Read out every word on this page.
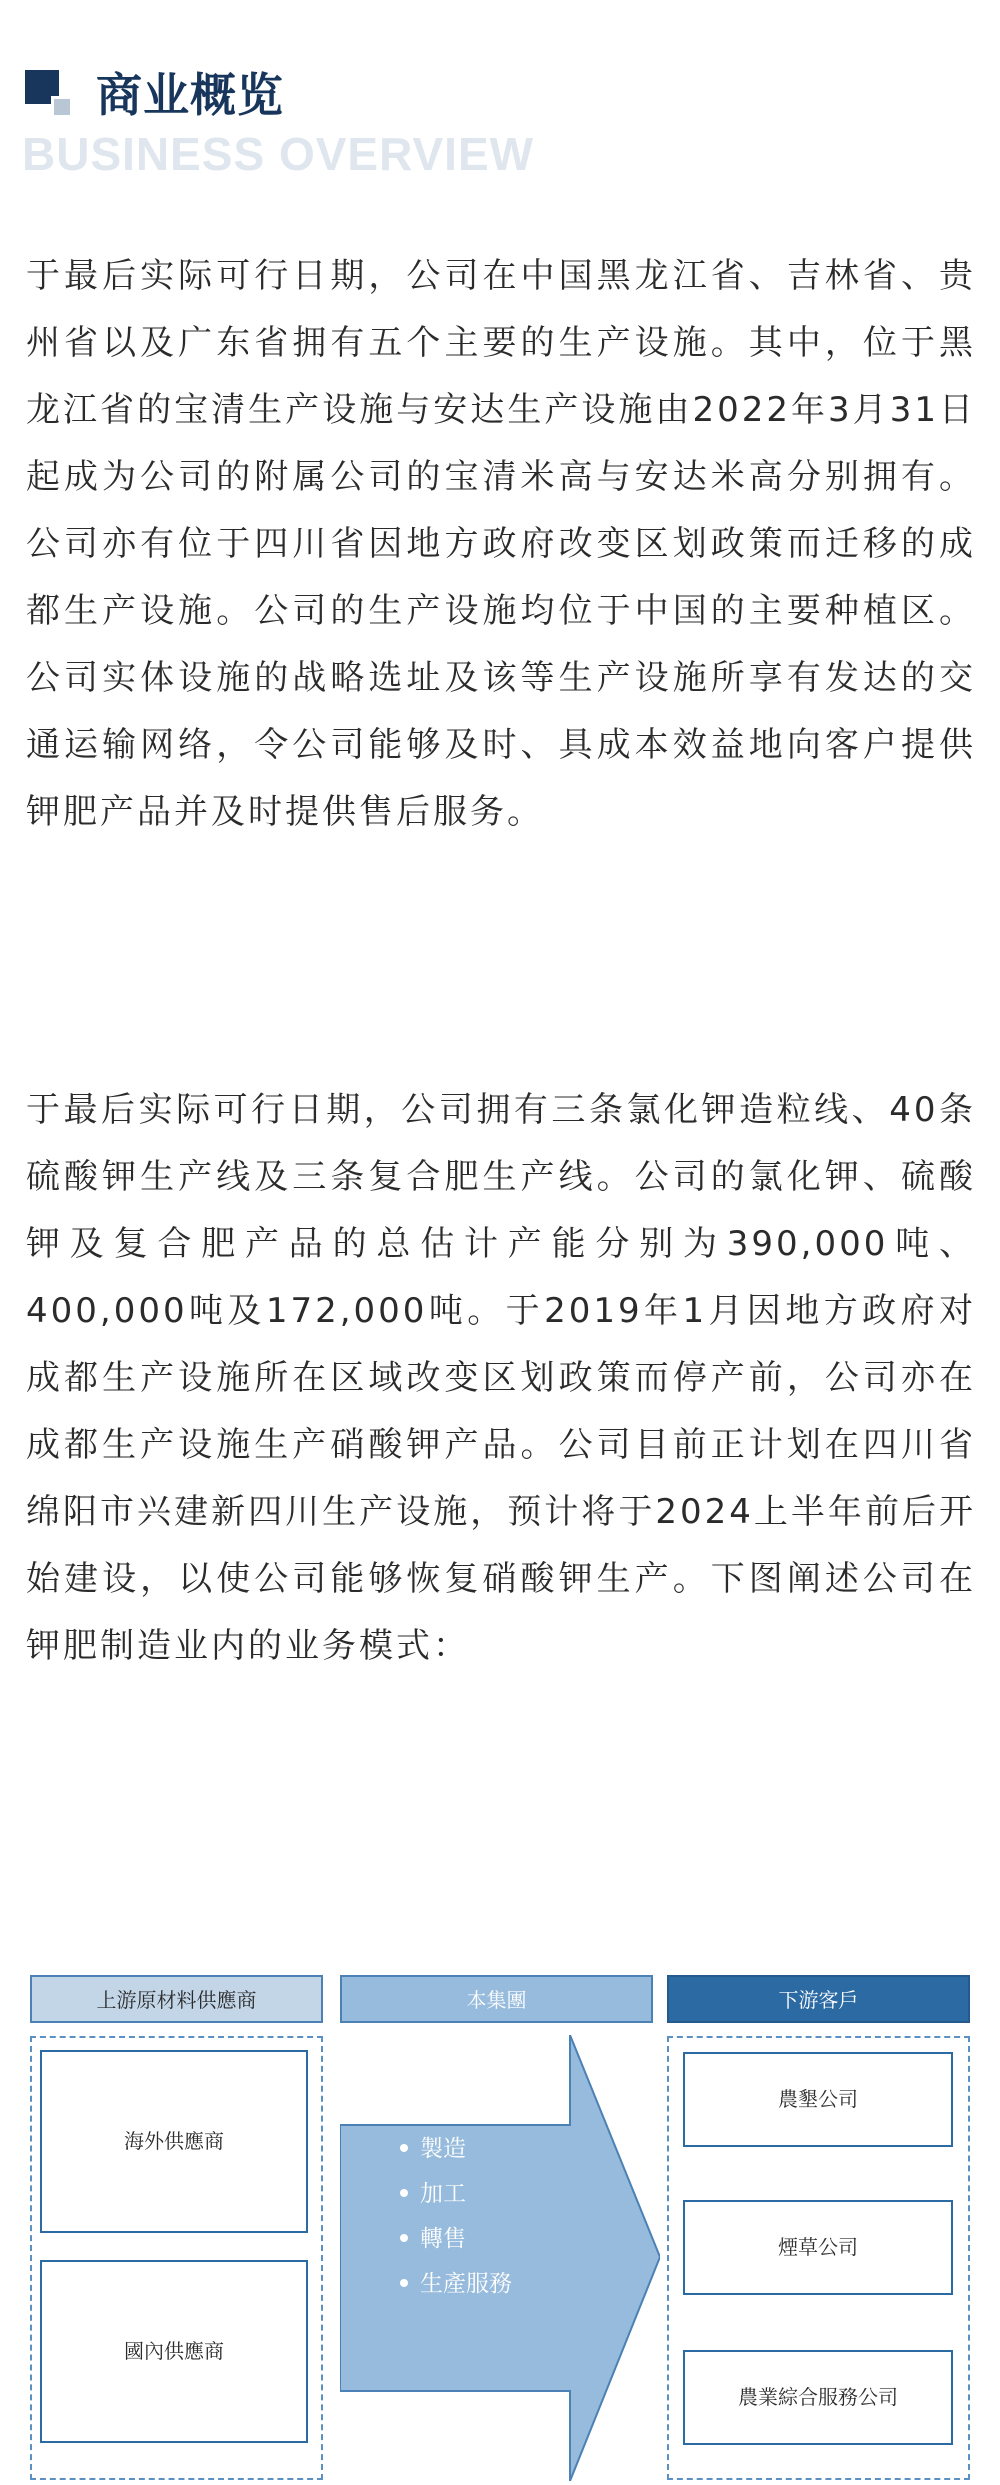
商业概览
BUSINESS OVERVIEW

于最后实际可行日期，公司在中国黑龙江省、吉林省、贵州省以及广东省拥有五个主要的生产设施。其中，位于黑龙江省的宝清生产设施与安达生产设施由2022年3月31日起成为公司的附属公司的宝清米高与安达米高分别拥有。公司亦有位于四川省因地方政府改变区划政策而迁移的成都生产设施。公司的生产设施均位于中国的主要种植区。公司实体设施的战略选址及该等生产设施所享有发达的交通运输网络，令公司能够及时、具成本效益地向客户提供钾肥产品并及时提供售后服务。

于最后实际可行日期，公司拥有三条氯化钾造粒线、40条硫酸钾生产线及三条复合肥生产线。公司的氯化钾、硫酸钾及复合肥产品的总估计产能分别为390,000吨、400,000吨及172,000吨。于2019年1月因地方政府对成都生产设施所在区域改变区划政策而停产前，公司亦在成都生产设施生产硝酸钾产品。公司目前正计划在四川省绵阳市兴建新四川生产设施，预计将于2024上半年前后开始建设，以使公司能够恢复硝酸钾生产。下图阐述公司在钾肥制造业内的业务模式：

上游原材料供應商	本集團	下游客戶
海外供應商
國內供應商
製造
加工
轉售
生產服務
農墾公司
煙草公司
農業綜合服務公司
